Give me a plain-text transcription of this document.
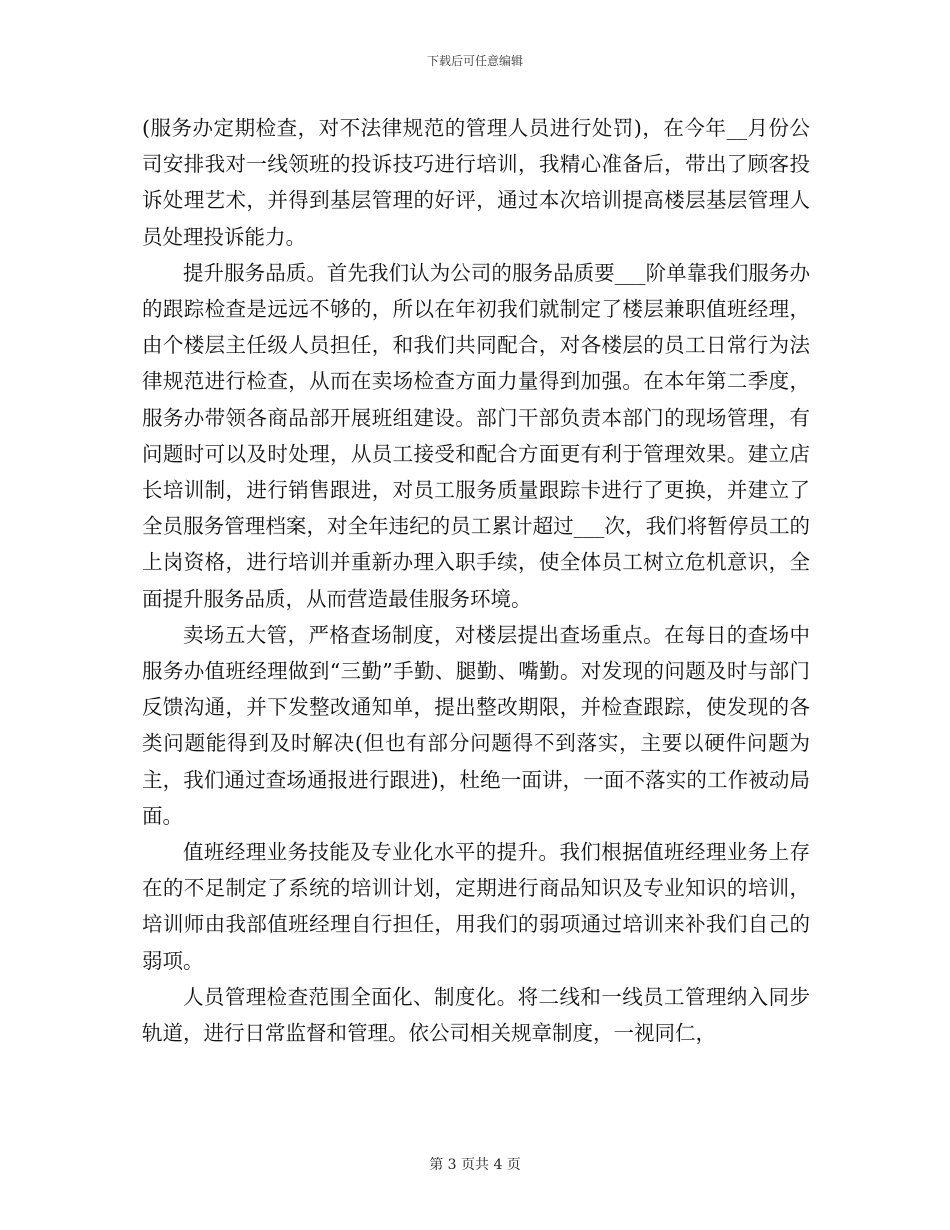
下载后可任意编辑

(服务办定期检查，对不法律规范的管理人员进行处罚)，在今年__月份公司安排我对一线领班的投诉技巧进行培训，我精心准备后，带出了顾客投诉处理艺术，并得到基层管理的好评，通过本次培训提高楼层基层管理人员处理投诉能力。

提升服务品质。首先我们认为公司的服务品质要___阶单靠我们服务办的跟踪检查是远远不够的，所以在年初我们就制定了楼层兼职值班经理，由个楼层主任级人员担任，和我们共同配合，对各楼层的员工日常行为法律规范进行检查，从而在卖场检查方面力量得到加强。在本年第二季度，服务办带领各商品部开展班组建设。部门干部负责本部门的现场管理，有问题时可以及时处理，从员工接受和配合方面更有利于管理效果。建立店长培训制，进行销售跟进，对员工服务质量跟踪卡进行了更换，并建立了全员服务管理档案，对全年违纪的员工累计超过___次，我们将暂停员工的上岗资格，进行培训并重新办理入职手续，使全体员工树立危机意识，全面提升服务品质，从而营造最佳服务环境。

卖场五大管，严格查场制度，对楼层提出查场重点。在每日的查场中服务办值班经理做到“三勤”手勤、腿勤、嘴勤。对发现的问题及时与部门反馈沟通，并下发整改通知单，提出整改期限，并检查跟踪，使发现的各类问题能得到及时解决(但也有部分问题得不到落实，主要以硬件问题为主，我们通过查场通报进行跟进)，杜绝一面讲，一面不落实的工作被动局面。

值班经理业务技能及专业化水平的提升。我们根据值班经理业务上存在的不足制定了系统的培训计划，定期进行商品知识及专业知识的培训，培训师由我部值班经理自行担任，用我们的弱项通过培训来补我们自己的弱项。

人员管理检查范围全面化、制度化。将二线和一线员工管理纳入同步轨道，进行日常监督和管理。依公司相关规章制度，一视同仁，

第 3 页共 4 页
